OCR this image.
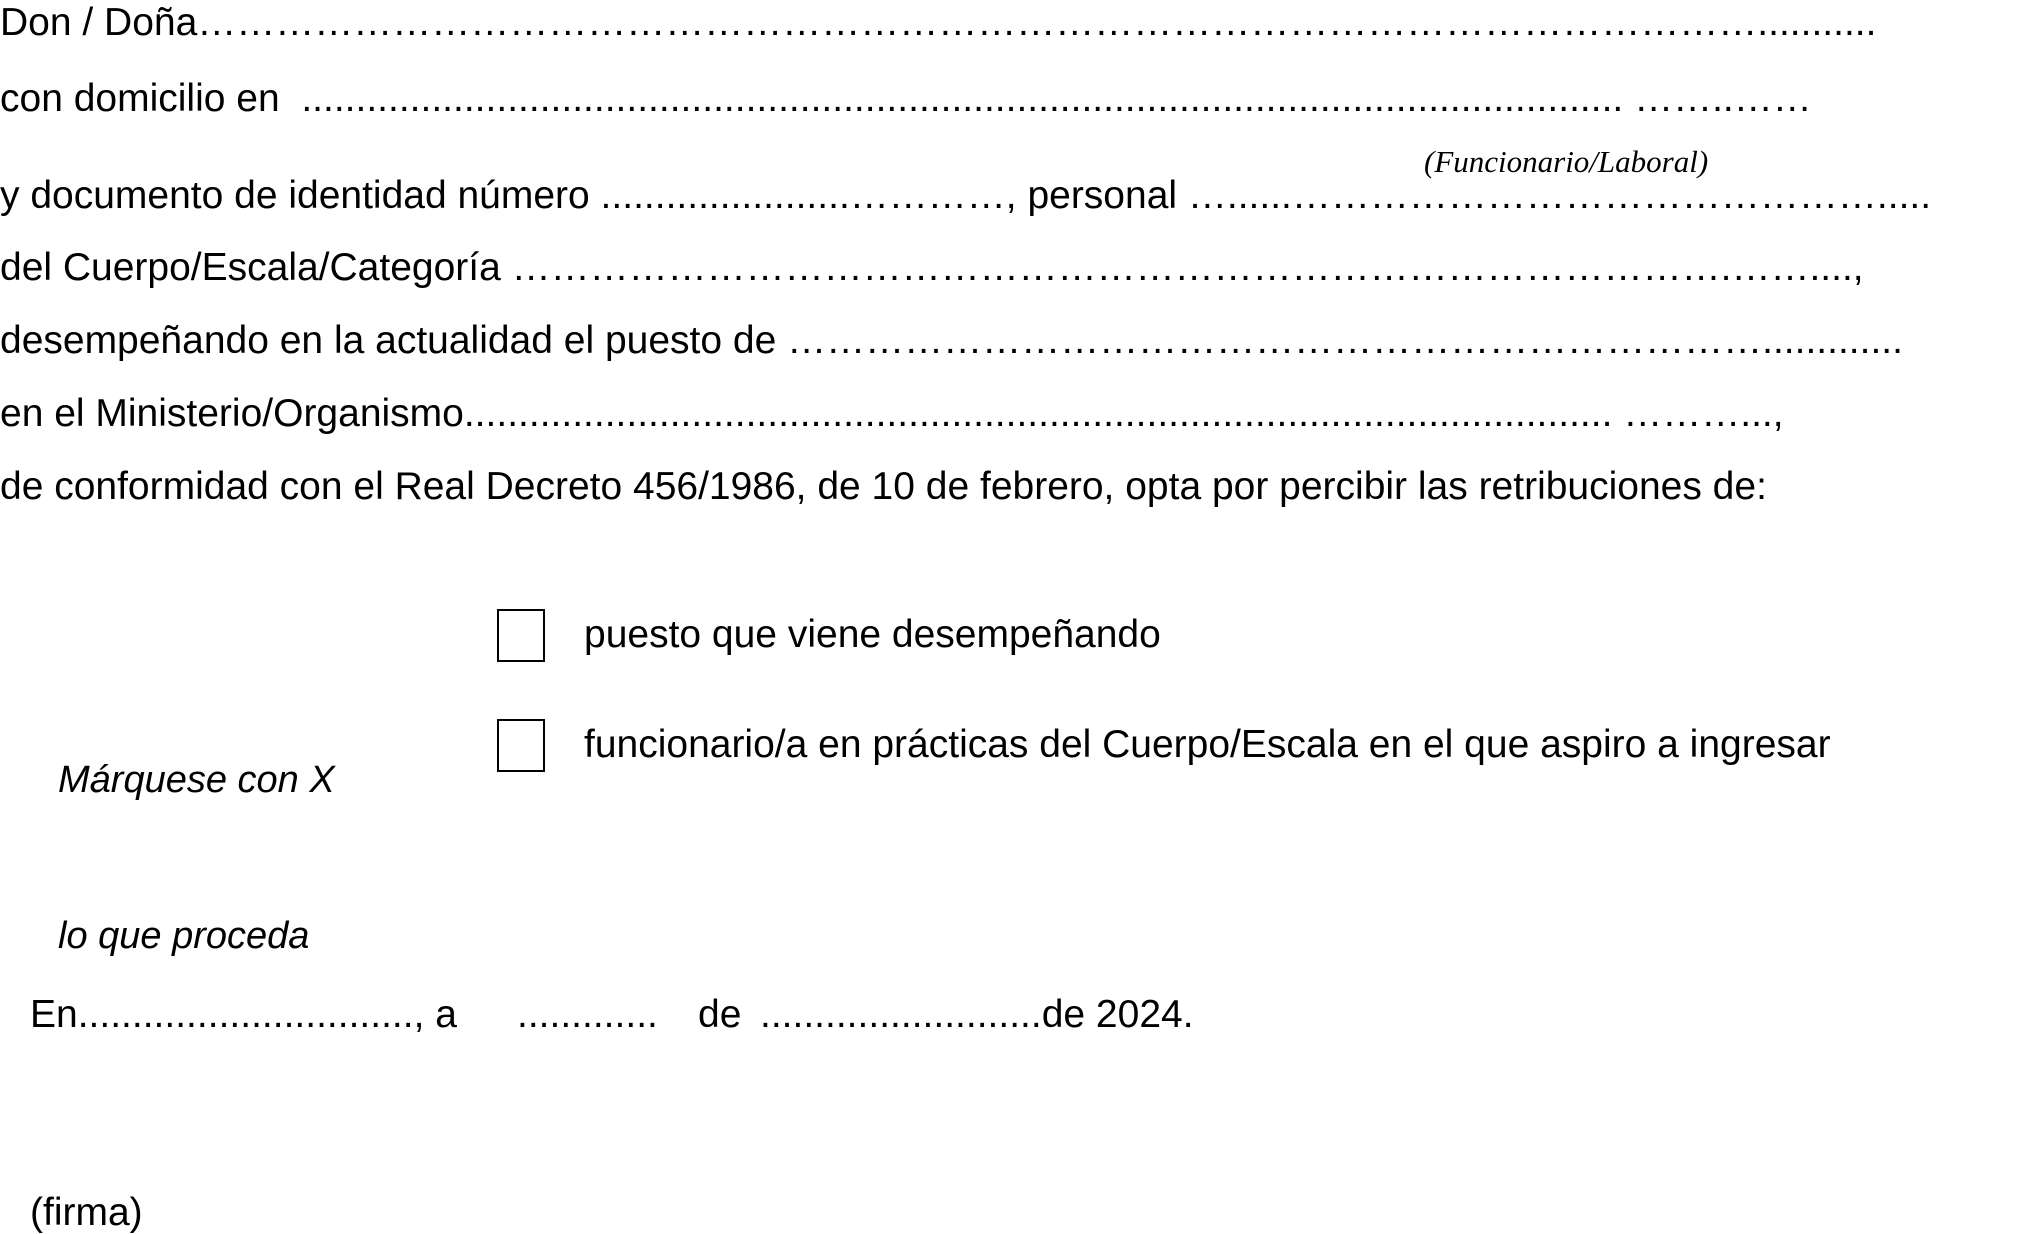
Don / Doña…………………………………………………………………………………………………………...........
con domicilio en  .......................................................................................................................... ……..……
(Funcionario/Laboral)
y documento de identidad número .......................…………, personal …......……………………………………….....
del Cuerpo/Escala/Categoría ………………………………………………………………………………….……....,
desempeñando en la actualidad el puesto de ………………………………………………………………….............
en el Ministerio/Organismo.......................................................................................................... ………...,
de conformidad con el Real Decreto 456/1986, de 10 de febrero, opta por percibir las retribuciones de:

Márquese con X

lo que proceda

puesto que viene desempeñando
funcionario/a en prácticas del Cuerpo/Escala en el que aspiro a ingresar
En..............................., a ............. de ..........................de 2024.
(firma)
